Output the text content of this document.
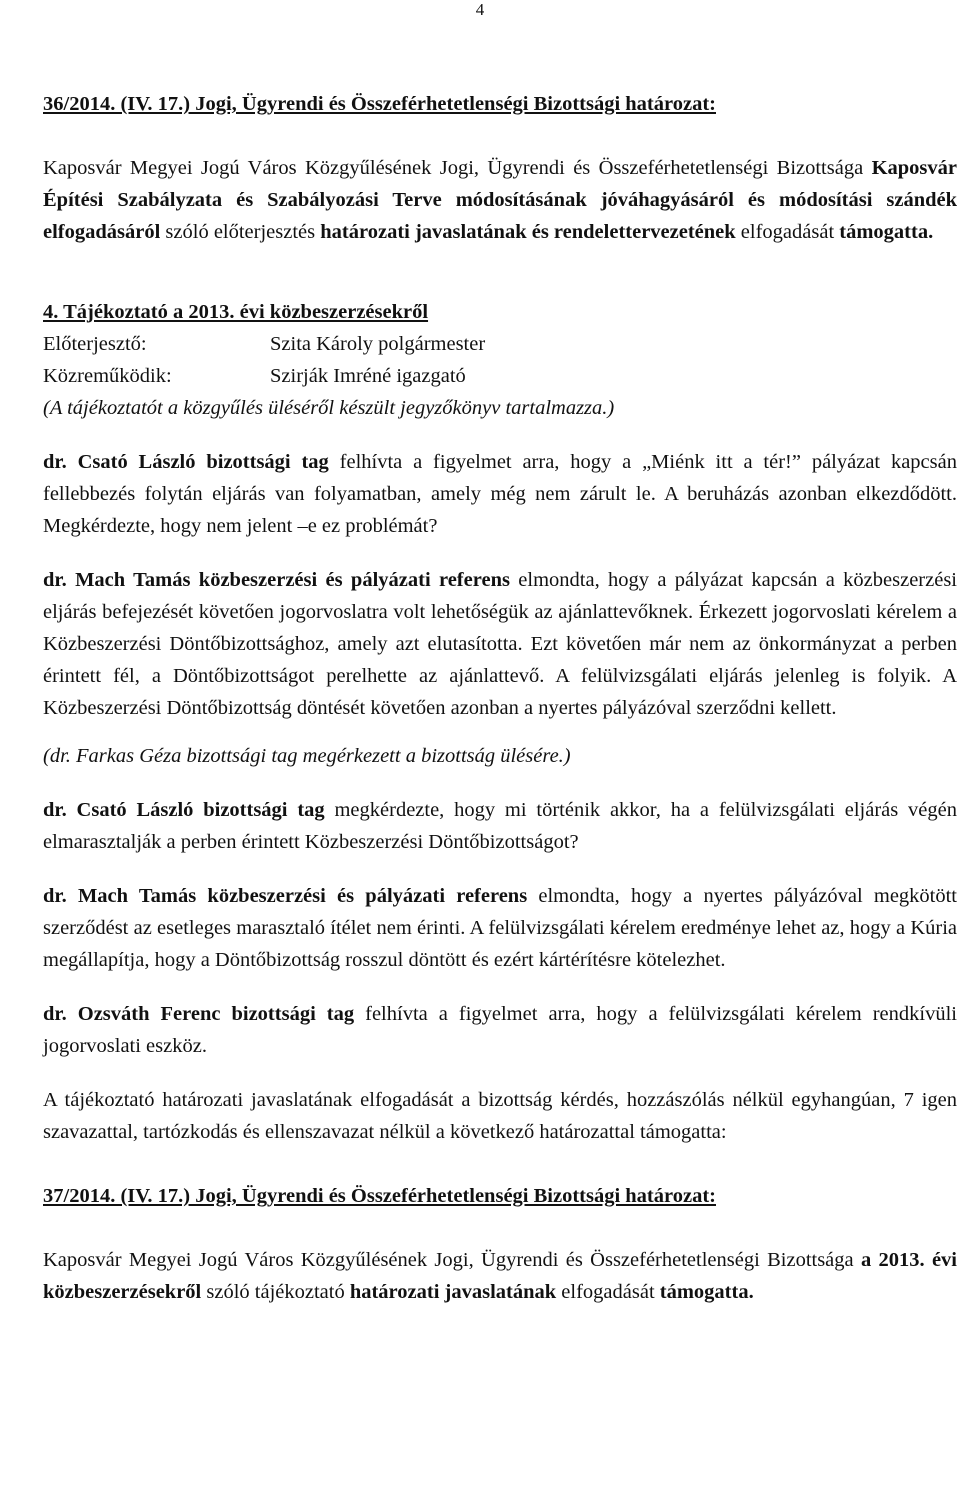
4

36/2014. (IV. 17.) Jogi, Ügyrendi és Összeférhetetlenségi Bizottsági határozat:

Kaposvár Megyei Jogú Város Közgyűlésének Jogi, Ügyrendi és Összeférhetetlenségi Bizottsága Kaposvár Építési Szabályzata és Szabályozási Terve módosításának jóváhagyásáról és módosítási szándék elfogadásáról szóló előterjesztés határozati javaslatának és rendelettervezetének elfogadását támogatta.

4. Tájékoztató a 2013. évi közbeszerzésekről

Előterjesztő:	Szita Károly polgármester
Közreműködik:	Szirják Imréné igazgató

(A tájékoztatót a közgyűlés üléséről készült jegyzőkönyv tartalmazza.)

dr. Csató László bizottsági tag felhívta a figyelmet arra, hogy a „Miénk itt a tér!” pályázat kapcsán fellebbezés folytán eljárás van folyamatban, amely még nem zárult le. A beruházás azonban elkezdődött. Megkérdezte, hogy nem jelent –e ez problémát?

dr. Mach Tamás közbeszerzési és pályázati referens elmondta, hogy a pályázat kapcsán a közbeszerzési eljárás befejezését követően jogorvoslatra volt lehetőségük az ajánlattevőknek. Érkezett jogorvoslati kérelem a Közbeszerzési Döntőbizottsághoz, amely azt elutasította. Ezt követően már nem az önkormányzat a perben érintett fél, a Döntőbizottságot perelhette az ajánlattevő. A felülvizsgálati eljárás jelenleg is folyik. A Közbeszerzési Döntőbizottság döntését követően azonban a nyertes pályázóval szerződni kellett.

(dr. Farkas Géza bizottsági tag megérkezett a bizottság ülésére.)

dr. Csató László bizottsági tag megkérdezte, hogy mi történik akkor, ha a felülvizsgálati eljárás végén elmarasztalják a perben érintett Közbeszerzési Döntőbizottságot?

dr. Mach Tamás közbeszerzési és pályázati referens elmondta, hogy a nyertes pályázóval megkötött szerződést az esetleges marasztaló ítélet nem érinti. A felülvizsgálati kérelem eredménye lehet az, hogy a Kúria megállapítja, hogy a Döntőbizottság rosszul döntött és ezért kártérítésre kötelezhet.

dr. Ozsváth Ferenc bizottsági tag felhívta a figyelmet arra, hogy a felülvizsgálati kérelem rendkívüli jogorvoslati eszköz.

A tájékoztató határozati javaslatának elfogadását a bizottság kérdés, hozzászólás nélkül egyhangúan, 7 igen szavazattal, tartózkodás és ellenszavazat nélkül a következő határozattal támogatta:

37/2014. (IV. 17.) Jogi, Ügyrendi és Összeférhetetlenségi Bizottsági határozat:

Kaposvár Megyei Jogú Város Közgyűlésének Jogi, Ügyrendi és Összeférhetetlenségi Bizottsága a 2013. évi közbeszerzésekről szóló tájékoztató határozati javaslatának elfogadását támogatta.
